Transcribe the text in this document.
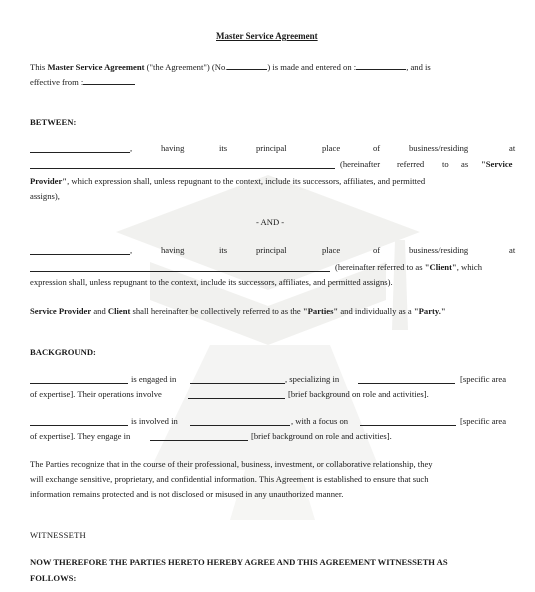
Master Service Agreement
This Master Service Agreement ("the Agreement") (No.	) is made and entered on :	, and is
effective from :
BETWEEN:
,	having	its	principal	place	of	business/residing	at
(hereinafter referred to as "Service
Provider", which expression shall, unless repugnant to the context, include its successors, affiliates, and permitted
assigns),
- AND -
,	having	its	principal	place	of	business/residing	at
(hereinafter referred to as "Client", which
expression shall, unless repugnant to the context, include its successors, affiliates, and permitted assigns).
Service Provider and Client shall hereinafter be collectively referred to as the "Parties" and individually as a "Party."
BACKGROUND:
is engaged in	, specializing in	[specific area
of expertise]. Their operations involve	[brief background on role and activities].
is involved in	, with a focus on	[specific area
of expertise]. They engage in	[brief background on role and activities].
The Parties recognize that in the course of their professional, business, investment, or collaborative relationship, they
will exchange sensitive, proprietary, and confidential information. This Agreement is established to ensure that such
information remains protected and is not disclosed or misused in any unauthorized manner.
WITNESSETH
NOW THEREFORE THE PARTIES HERETO HEREBY AGREE AND THIS AGREEMENT WITNESSETH AS
FOLLOWS:
